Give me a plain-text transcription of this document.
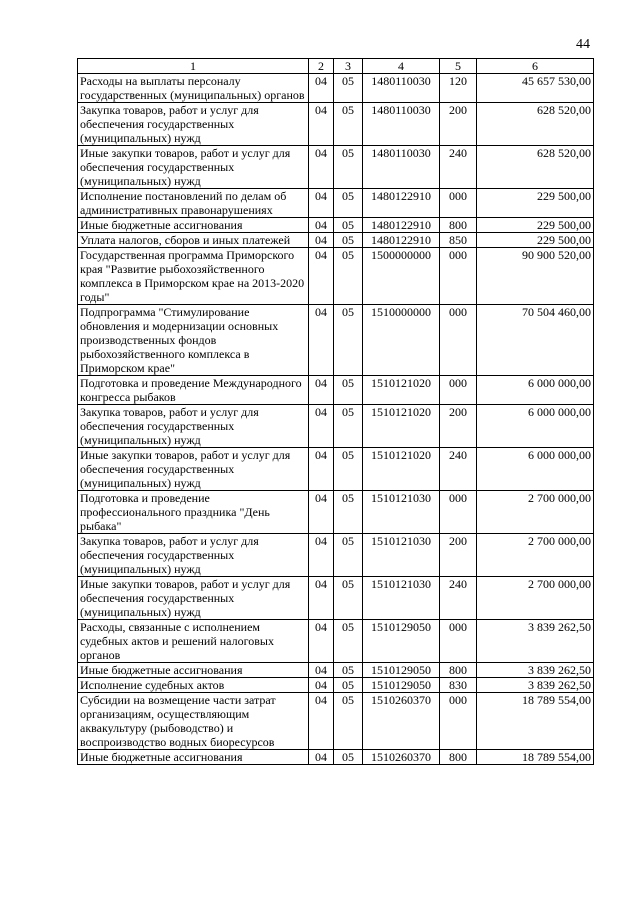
44
1	2	3	4	5	6
Расходы на выплаты персоналу государственных (муниципальных) органов	04	05	1480110030	120	45 657 530,00
Закупка товаров, работ и услуг для обеспечения государственных (муниципальных) нужд	04	05	1480110030	200	628 520,00
Иные закупки товаров, работ и услуг для обеспечения государственных (муниципальных) нужд	04	05	1480110030	240	628 520,00
Исполнение постановлений по делам об административных правонарушениях	04	05	1480122910	000	229 500,00
Иные бюджетные ассигнования	04	05	1480122910	800	229 500,00
Уплата налогов, сборов и иных платежей	04	05	1480122910	850	229 500,00
Государственная программа Приморского края "Развитие рыбохозяйственного комплекса в Приморском крае на 2013-2020 годы"	04	05	1500000000	000	90 900 520,00
Подпрограмма "Стимулирование обновления и модернизации основных производственных фондов рыбохозяйственного комплекса в Приморском крае"	04	05	1510000000	000	70 504 460,00
Подготовка и проведение Международного конгресса рыбаков	04	05	1510121020	000	6 000 000,00
Закупка товаров, работ и услуг для обеспечения государственных (муниципальных) нужд	04	05	1510121020	200	6 000 000,00
Иные закупки товаров, работ и услуг для обеспечения государственных (муниципальных) нужд	04	05	1510121020	240	6 000 000,00
Подготовка и проведение профессионального праздника "День рыбака"	04	05	1510121030	000	2 700 000,00
Закупка товаров, работ и услуг для обеспечения государственных (муниципальных) нужд	04	05	1510121030	200	2 700 000,00
Иные закупки товаров, работ и услуг для обеспечения государственных (муниципальных) нужд	04	05	1510121030	240	2 700 000,00
Расходы, связанные с исполнением судебных актов и решений налоговых органов	04	05	1510129050	000	3 839 262,50
Иные бюджетные ассигнования	04	05	1510129050	800	3 839 262,50
Исполнение судебных актов	04	05	1510129050	830	3 839 262,50
Субсидии на возмещение части затрат организациям, осуществляющим аквакультуру (рыбоводство) и воспроизводство водных биоресурсов	04	05	1510260370	000	18 789 554,00
Иные бюджетные ассигнования	04	05	1510260370	800	18 789 554,00
